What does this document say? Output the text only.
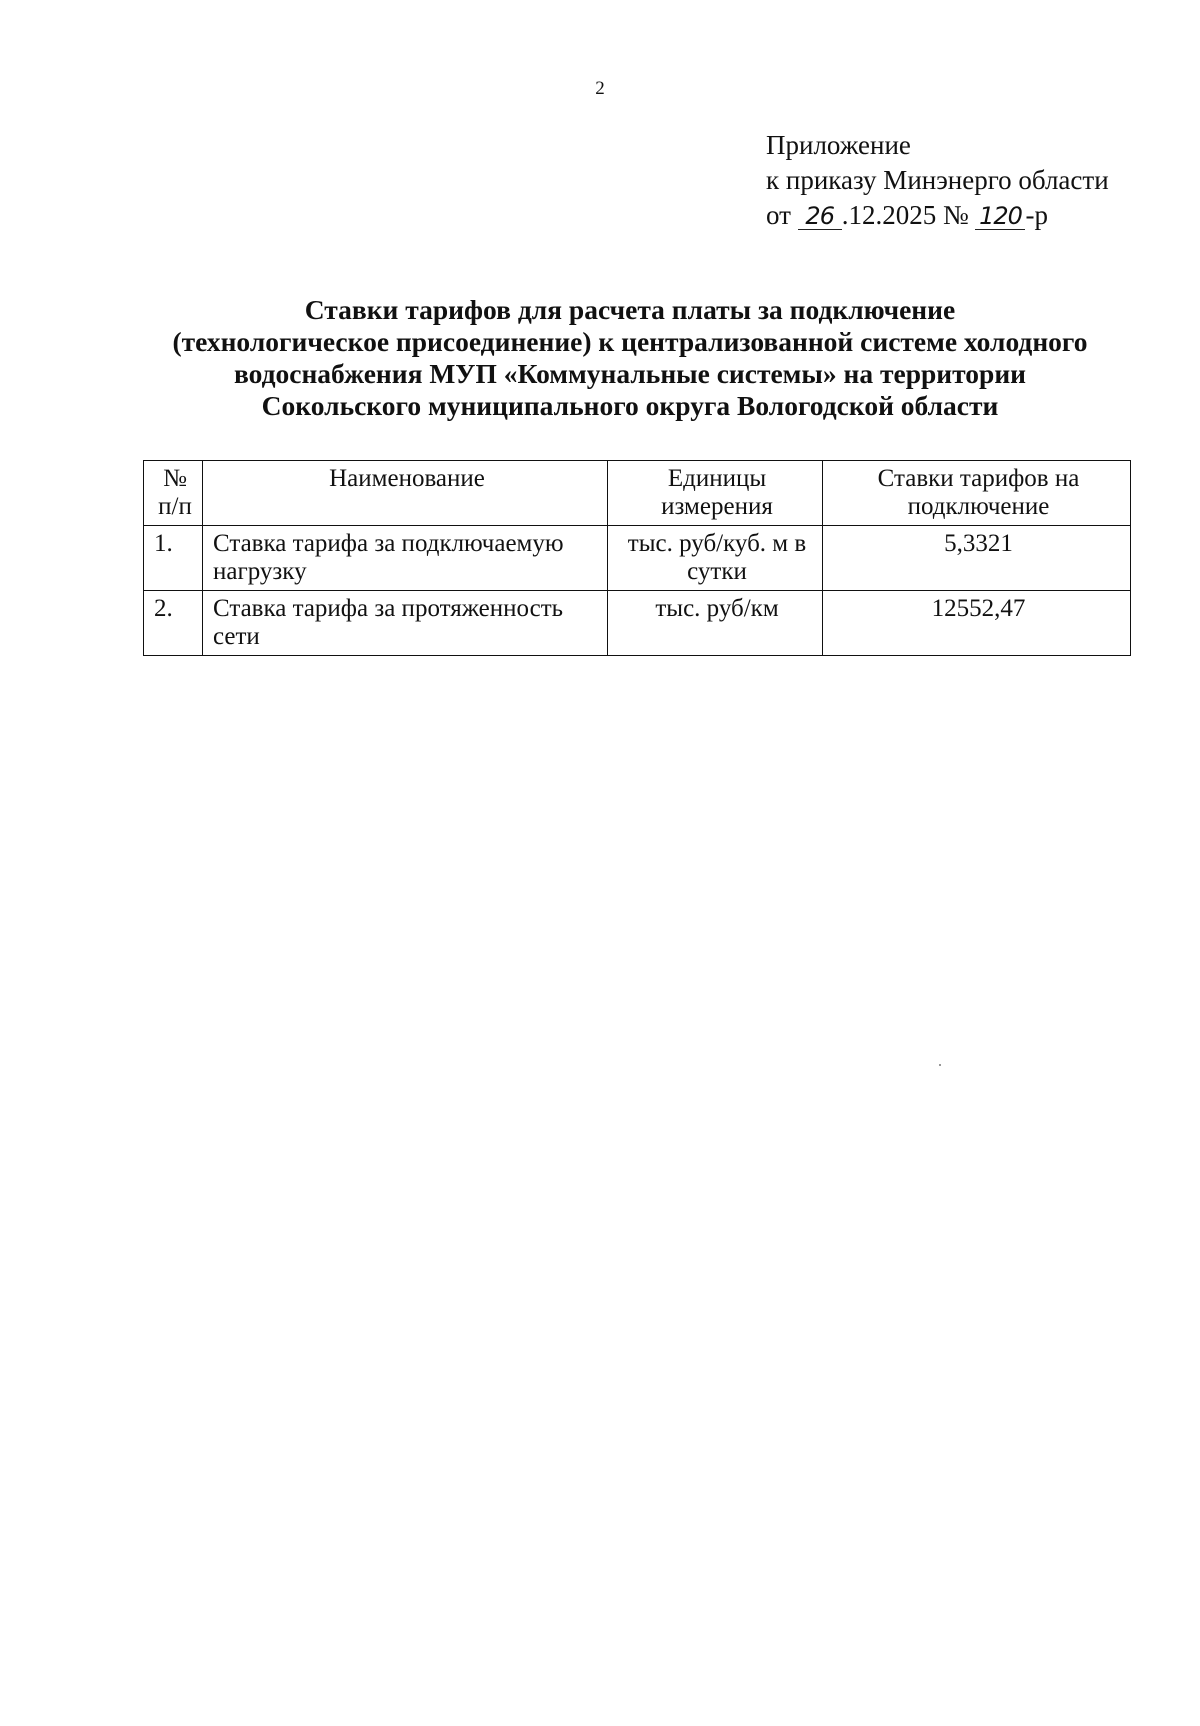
2
Приложение
к приказу Минэнерго области
от 26 .12.2025 № 120 -р
Ставки тарифов для расчета платы за подключение
(технологическое присоединение) к централизованной системе холодного
водоснабжения МУП «Коммунальные системы» на территории
Сокольского муниципального округа Вологодской области
№ п/п	Наименование	Единицы измерения	Ставки тарифов на подключение
1.	Ставка тарифа за подключаемую нагрузку	тыс. руб/куб. м в сутки	5,3321
2.	Ставка тарифа за протяженность сети	тыс. руб/км	12552,47
